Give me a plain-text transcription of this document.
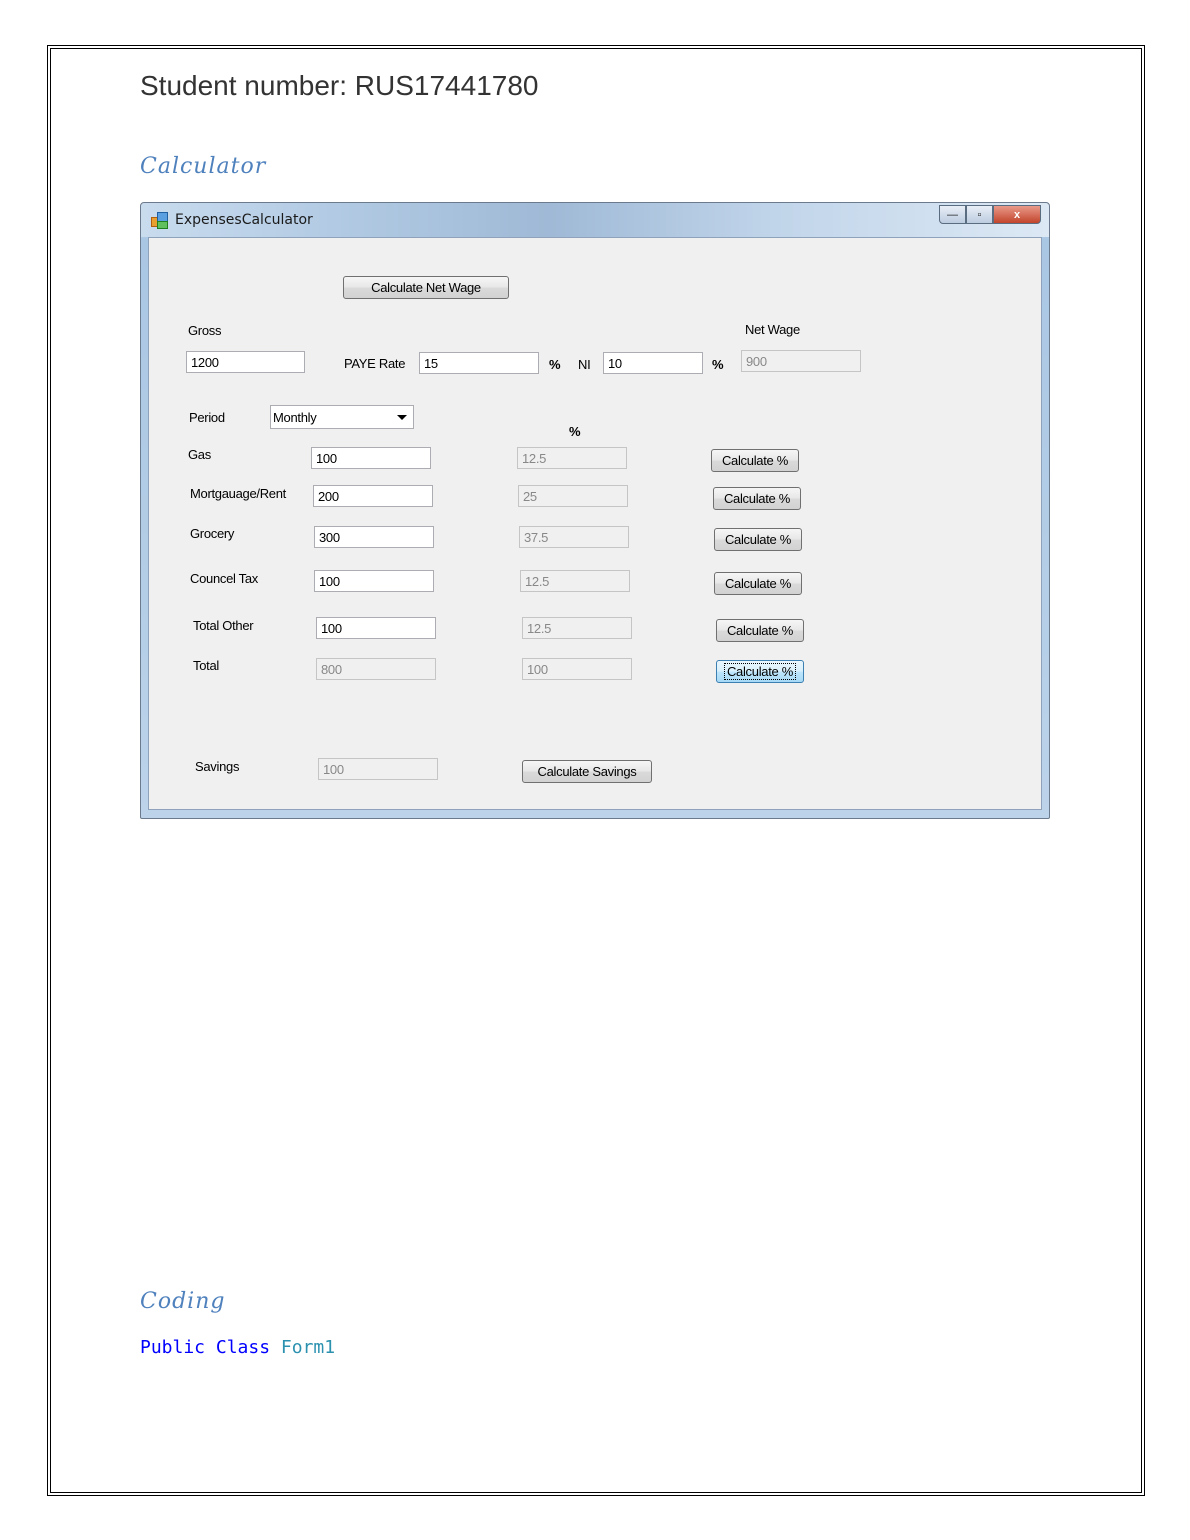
Student number: RUS17441780
Calculator
ExpensesCalculator	—	▫	x
Calculate Net Wage
Gross
1200	PAYE Rate	15	% NI	10	%
Net Wage
900
Period	Monthly
%
Gas	100	12.5	Calculate %
Mortgauage/Rent	200	25	Calculate %
Grocery	300	37.5	Calculate %
Councel Tax	100	12.5	Calculate %
Total Other	100	12.5	Calculate %
Total	800	100	Calculate %
Savings	100	Calculate Savings
Coding
Public Class Form1
